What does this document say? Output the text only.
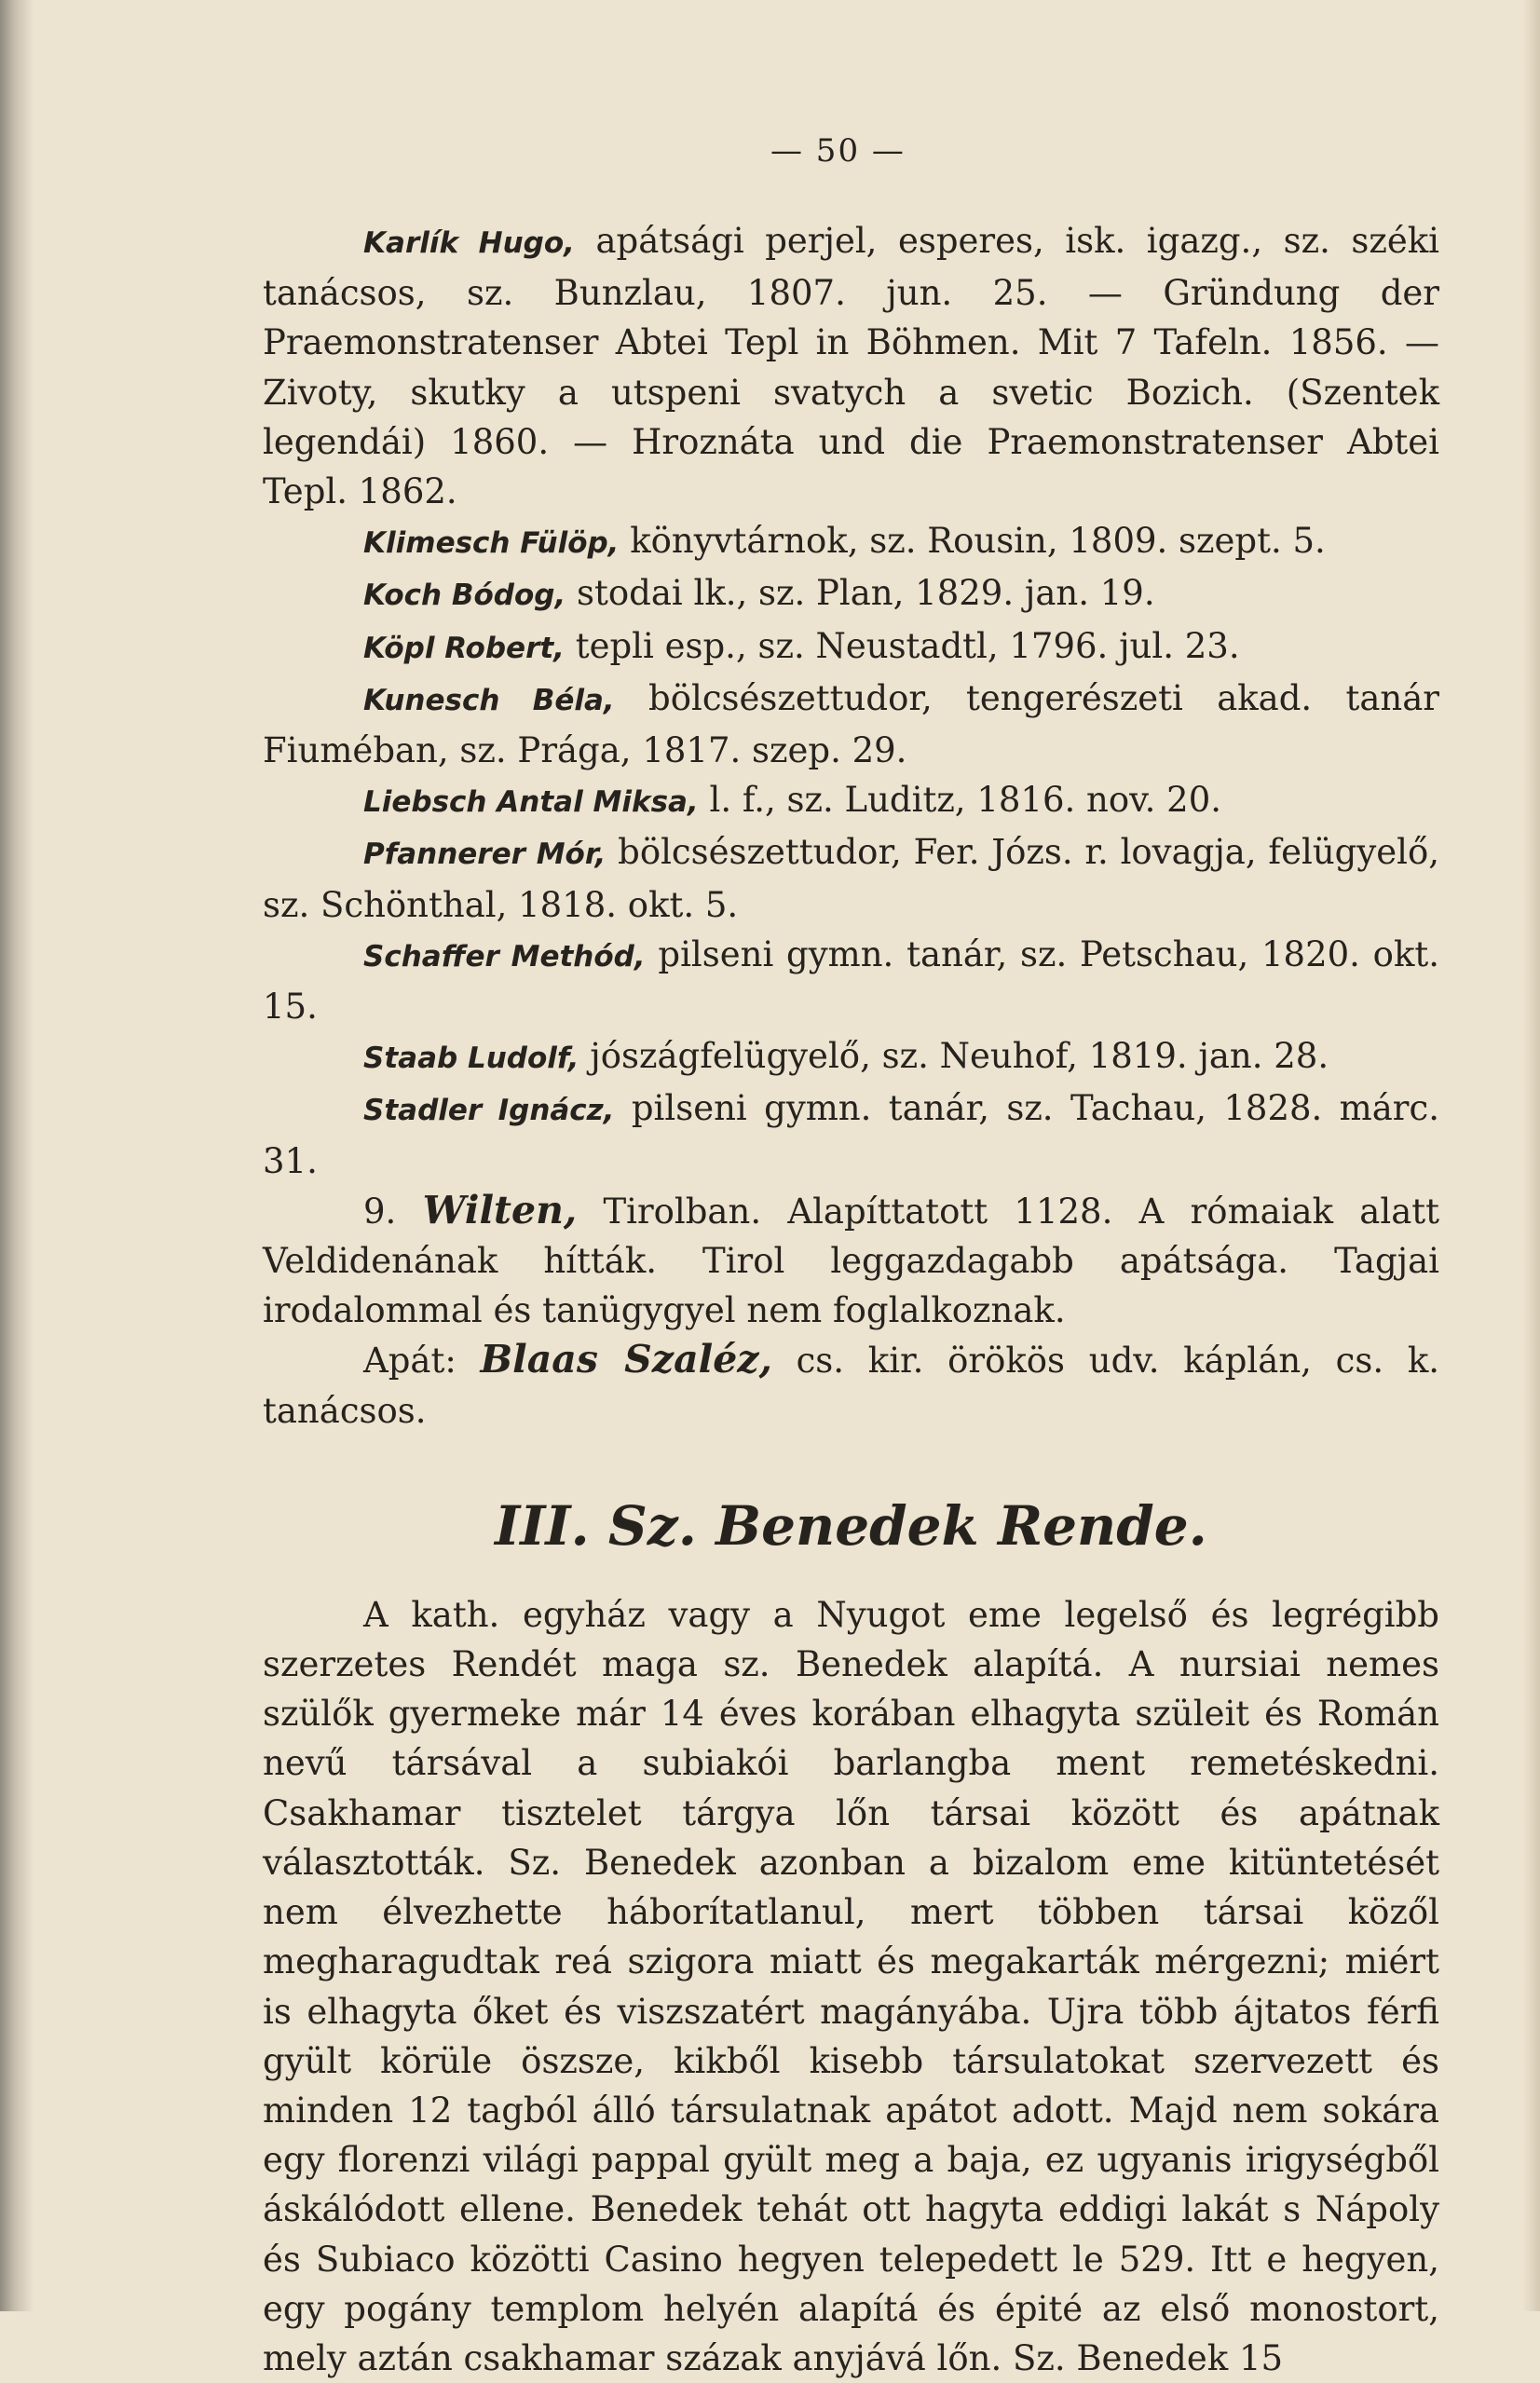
— 50 —

Karlík Hugo, apátsági perjel, esperes, isk. igazg., sz. széki tanácsos, sz. Bunzlau, 1807. jun. 25. — Gründung der Praemonstratenser Abtei Tepl in Böhmen. Mit 7 Tafeln. 1856. — Zivoty, skutky a utspeni svatych a svetic Bozich. (Szentek legendái) 1860. — Hroznáta und die Praemonstratenser Abtei Tepl. 1862.

Klimesch Fülöp, könyvtárnok, sz. Rousin, 1809. szept. 5.

Koch Bódog, stodai lk., sz. Plan, 1829. jan. 19.

Köpl Robert, tepli esp., sz. Neustadtl, 1796. jul. 23.

Kunesch Béla, bölcsészettudor, tengerészeti akad. tanár Fiuméban, sz. Prága, 1817. szep. 29.

Liebsch Antal Miksa, l. f., sz. Luditz, 1816. nov. 20.

Pfannerer Mór, bölcsészettudor, Fer. Józs. r. lovagja, felügyelő, sz. Schönthal, 1818. okt. 5.

Schaffer Methód, pilseni gymn. tanár, sz. Petschau, 1820. okt. 15.

Staab Ludolf, jószágfelügyelő, sz. Neuhof, 1819. jan. 28.

Stadler Ignácz, pilseni gymn. tanár, sz. Tachau, 1828. márc. 31.

9. Wilten, Tirolban. Alapíttatott 1128. A rómaiak alatt Veldidenának hítták. Tirol leggazdagabb apátsága. Tagjai irodalommal és tanügygyel nem foglalkoznak.

Apát: Blaas Szaléz, cs. kir. örökös udv. káplán, cs. k. tanácsos.

III. Sz. Benedek Rende.

A kath. egyház vagy a Nyugot eme legelső és legrégibb szerzetes Rendét maga sz. Benedek alapítá. A nursiai nemes szülők gyermeke már 14 éves korában elhagyta szüleit és Román nevű társával a subiakói barlangba ment remetéskedni. Csakhamar tisztelet tárgya lőn társai között és apátnak választották. Sz. Benedek azonban a bizalom eme kitüntetését nem élvezhette háborítatlanul, mert többen társai közől megharagudtak reá szigora miatt és megakarták mérgezni; miért is elhagyta őket és viszszatért magányába. Ujra több ájtatos férfi gyült körüle öszsze, kikből kisebb társulatokat szervezett és minden 12 tagból álló társulatnak apátot adott. Majd nem sokára egy florenzi világi pappal gyült meg a baja, ez ugyanis irigységből áskálódott ellene. Benedek tehát ott hagyta eddigi lakát s Nápoly és Subiaco közötti Casino hegyen telepedett le 529. Itt e hegyen, egy pogány templom helyén alapítá és épité az első monostort, mely aztán csakhamar százak anyjává lőn. Sz. Benedek 15
